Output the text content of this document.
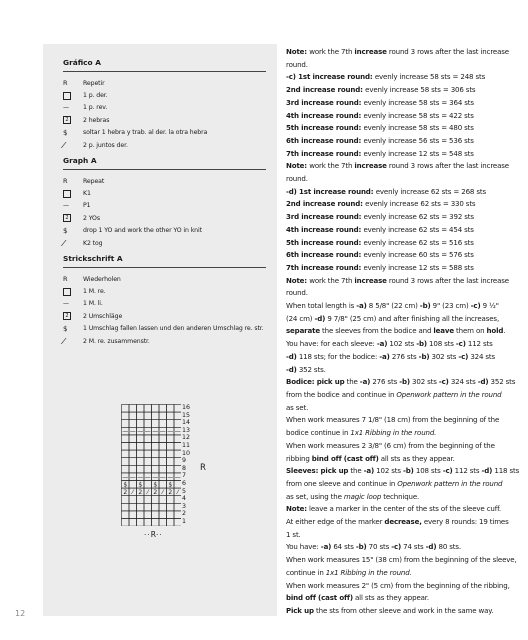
Gráfico A
R Repetir
1 p. der.
— 1 p. rev.
2	2 hebras
$	soltar 1 hebra y trab. al der. la otra hebra
⁄	2 p. juntos der.
Graph A
R Repeat
K1
— P1
2	2 YOs
$	drop 1 YO and work the other YO in knit
⁄	K2 tog
Strickschrift A
R Wiederholen
1 M. re.
— 1 M. li.
2	2 Umschläge
$	1 Umschlag fallen lassen und den anderen Umschlag re. str.
⁄	2 M. re. zusammenstr.
— — — — — — — —
— — — — — — — —
$ $ $ $
2 ⁄ 2 ⁄ 2 ⁄ 2 ⁄
16
15
14
13
12
11
10
9
8
7
6
5
4
3
2
1
R
⋅⋅R⋅⋅

Note: work the 7th increase round 3 rows after the last increase

round.

-c) 1st increase round: evenly increase 58 sts = 248 sts

2nd increase round: evenly increase 58 sts = 306 sts

3rd increase round: evenly increase 58 sts = 364 sts

4th increase round: evenly increase 58 sts = 422 sts

5th increase round: evenly increase 58 sts = 480 sts

6th increase round: evenly increase 56 sts = 536 sts

7th increase round: evenly increase 12 sts = 548 sts

Note: work the 7th increase round 3 rows after the last increase

round.

-d) 1st increase round: evenly increase 62 sts = 268 sts

2nd increase round: evenly increase 62 sts = 330 sts

3rd increase round: evenly increase 62 sts = 392 sts

4th increase round: evenly increase 62 sts = 454 sts

5th increase round: evenly increase 62 sts = 516 sts

6th increase round: evenly increase 60 sts = 576 sts

7th increase round: evenly increase 12 sts = 588 sts

Note: work the 7th increase round 3 rows after the last increase

round.

When total length is -a) 8 5/8" (22 cm) -b) 9" (23 cm) -c) 9 ½"

(24 cm) -d) 9 7/8" (25 cm) and after finishing all the increases,

separate the sleeves from the bodice and leave them on hold.

You have: for each sleeve: -a) 102 sts -b) 108 sts -c) 112 sts

-d) 118 sts; for the bodice: -a) 276 sts -b) 302 sts -c) 324 sts

-d) 352 sts.

Bodice: pick up the -a) 276 sts -b) 302 sts -c) 324 sts -d) 352 sts

from the bodice and continue in Openwork pattern in the round

as set.

When work measures 7 1/8" (18 cm) from the beginning of the

bodice continue in 1x1 Ribbing in the round.

When work measures 2 3/8" (6 cm) from the beginning of the

ribbing bind off (cast off) all sts as they appear.

Sleeves: pick up the -a) 102 sts -b) 108 sts -c) 112 sts -d) 118 sts

from one sleeve and continue in Openwork pattern in the round

as set, using the magic loop technique.

Note: leave a marker in the center of the sts of the sleeve cuff.

At either edge of the marker decrease, every 8 rounds: 19 times

1 st.

You have: -a) 64 sts -b) 70 sts -c) 74 sts -d) 80 sts.

When work measures 15" (38 cm) from the beginning of the sleeve,

continue in 1x1 Ribbing in the round.

When work measures 2" (5 cm) from the beginning of the ribbing,

bind off (cast off) all sts as they appear.

Pick up the sts from other sleeve and work in the same way.

12
